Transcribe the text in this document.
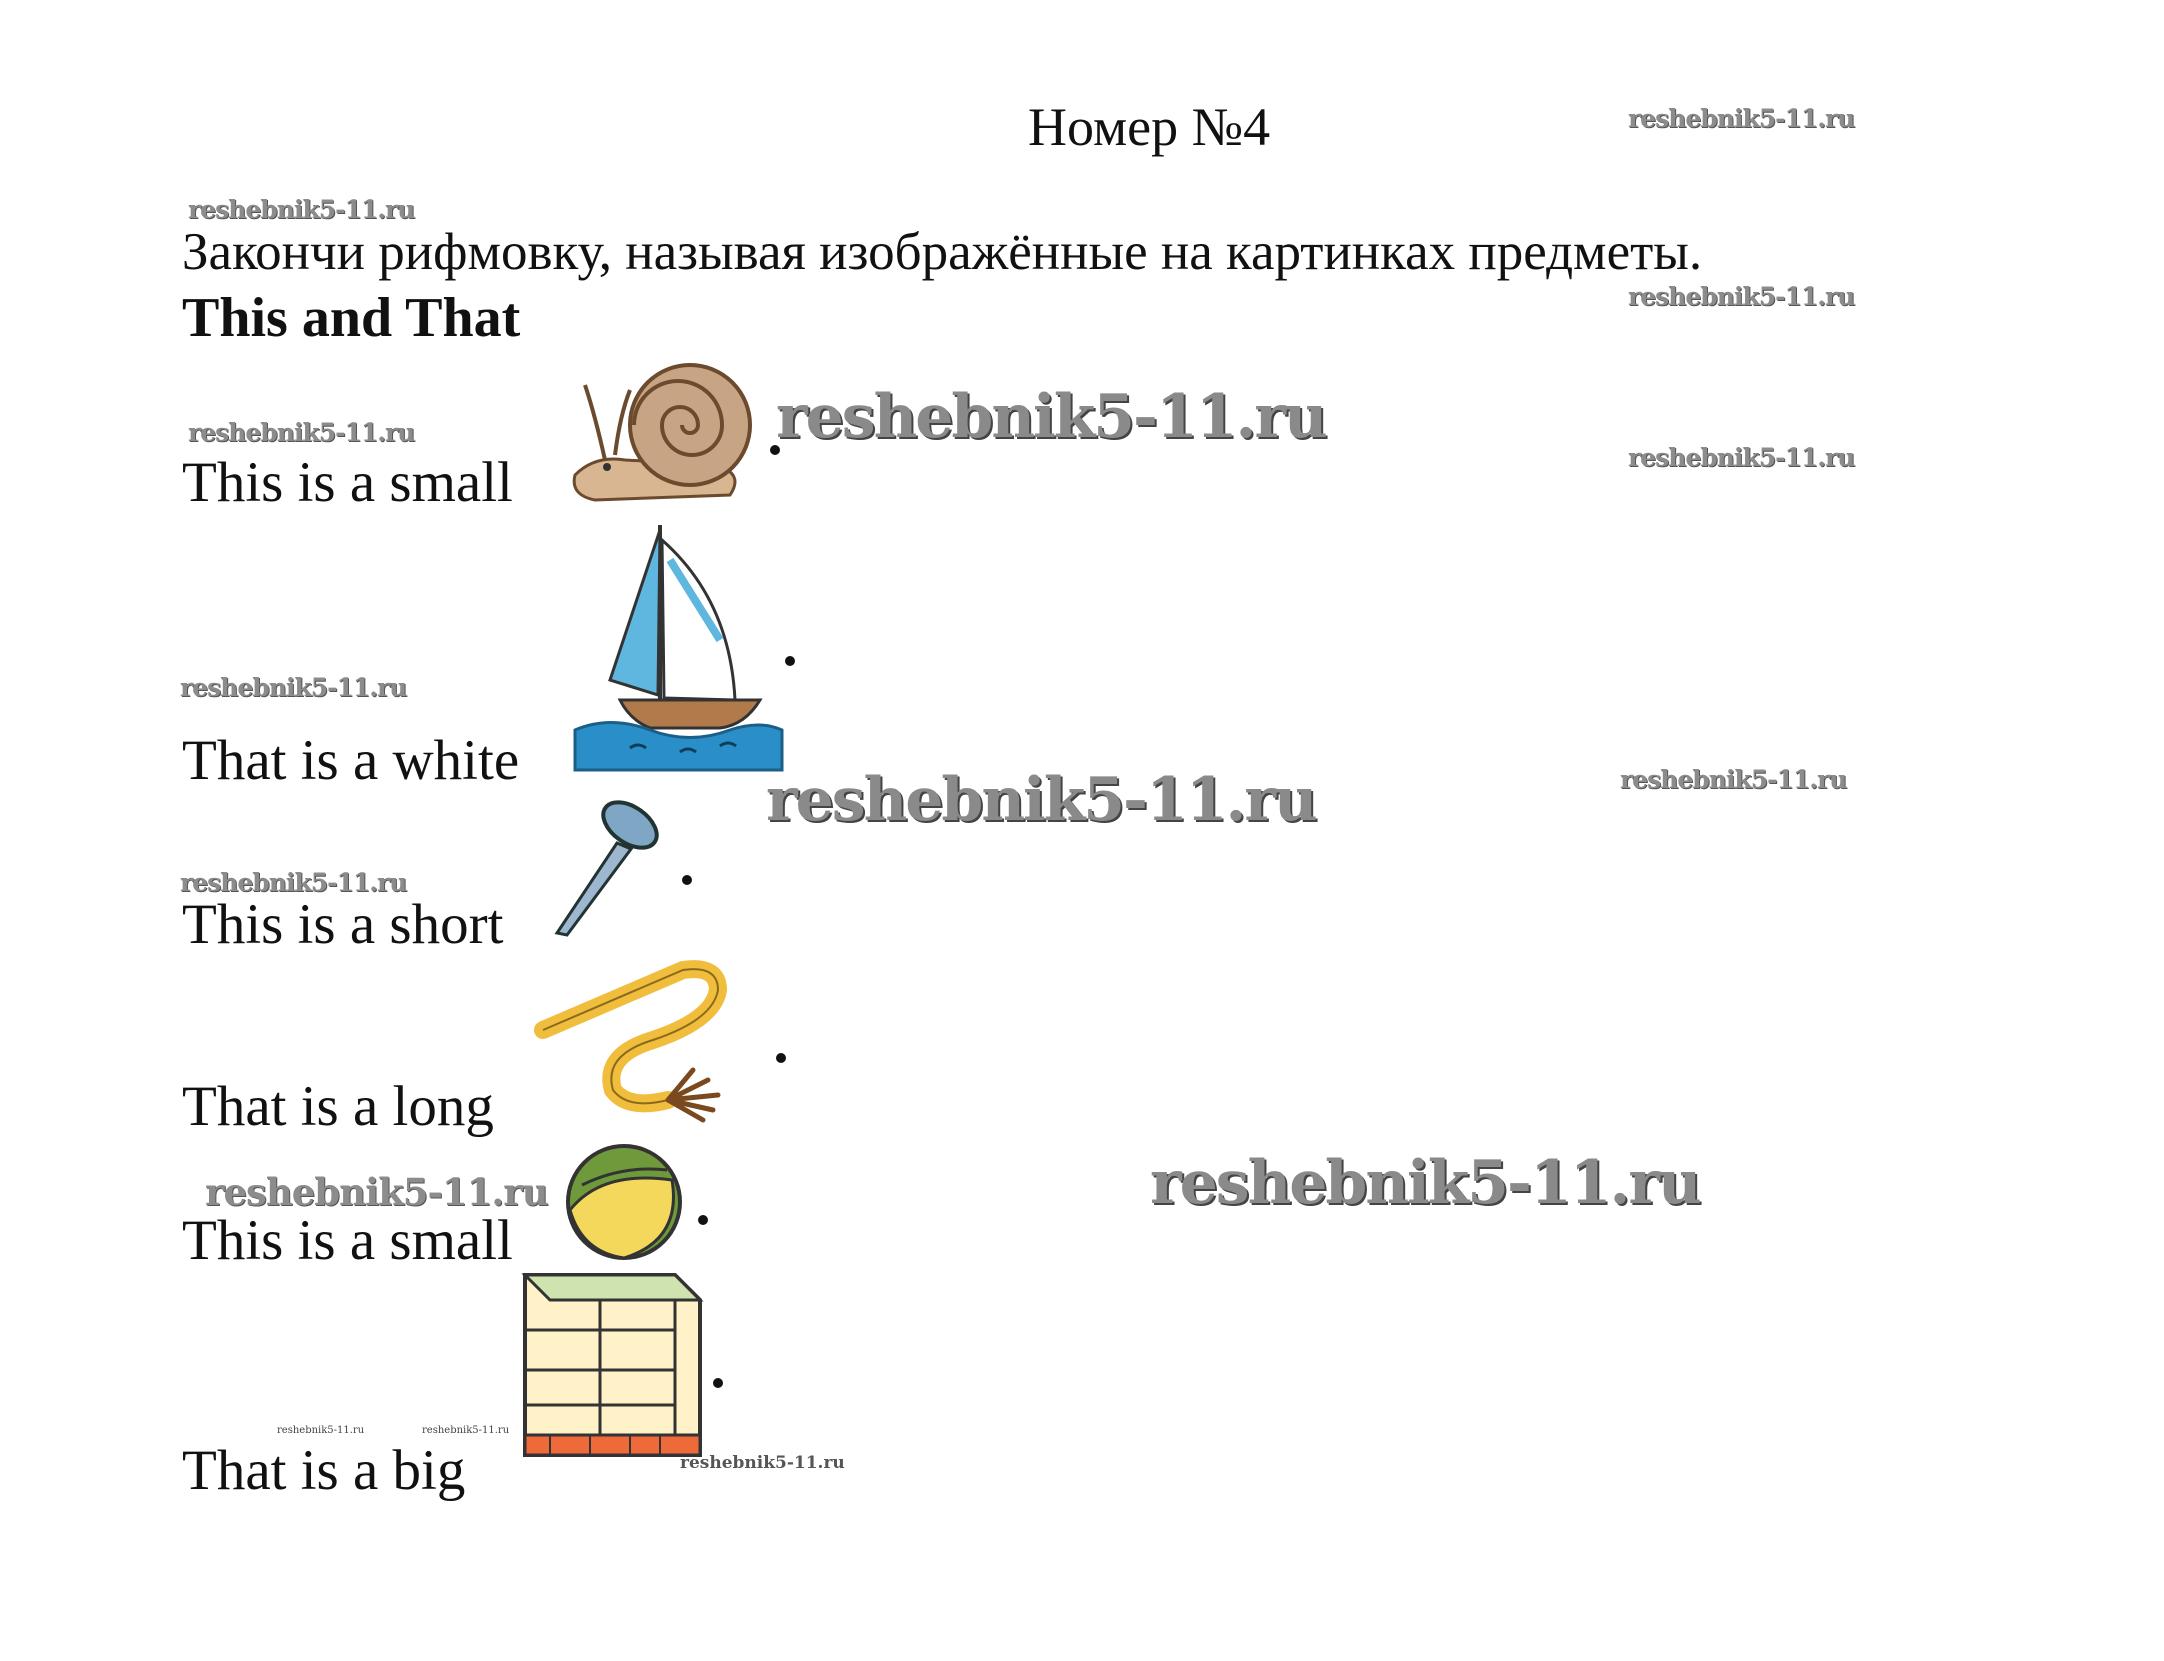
Номер №4
Закончи рифмовку, называя изображённые на картинках предметы.
This and That
This is a small
That is a white
This is a short
That is a long
This is a small
That is a big
reshebnik5-11.ru
reshebnik5-11.ru
reshebnik5-11.ru
reshebnik5-11.ru	reshebnik5-11.ru
reshebnik5-11.ru
reshebnik5-11.ru
reshebnik5-11.ru	reshebnik5-11.ru
reshebnik5-11.ru
reshebnik5-11.ru	reshebnik5-11.ru
reshebnik5-11.ru	reshebnik5-11.ru
reshebnik5-11.ru
